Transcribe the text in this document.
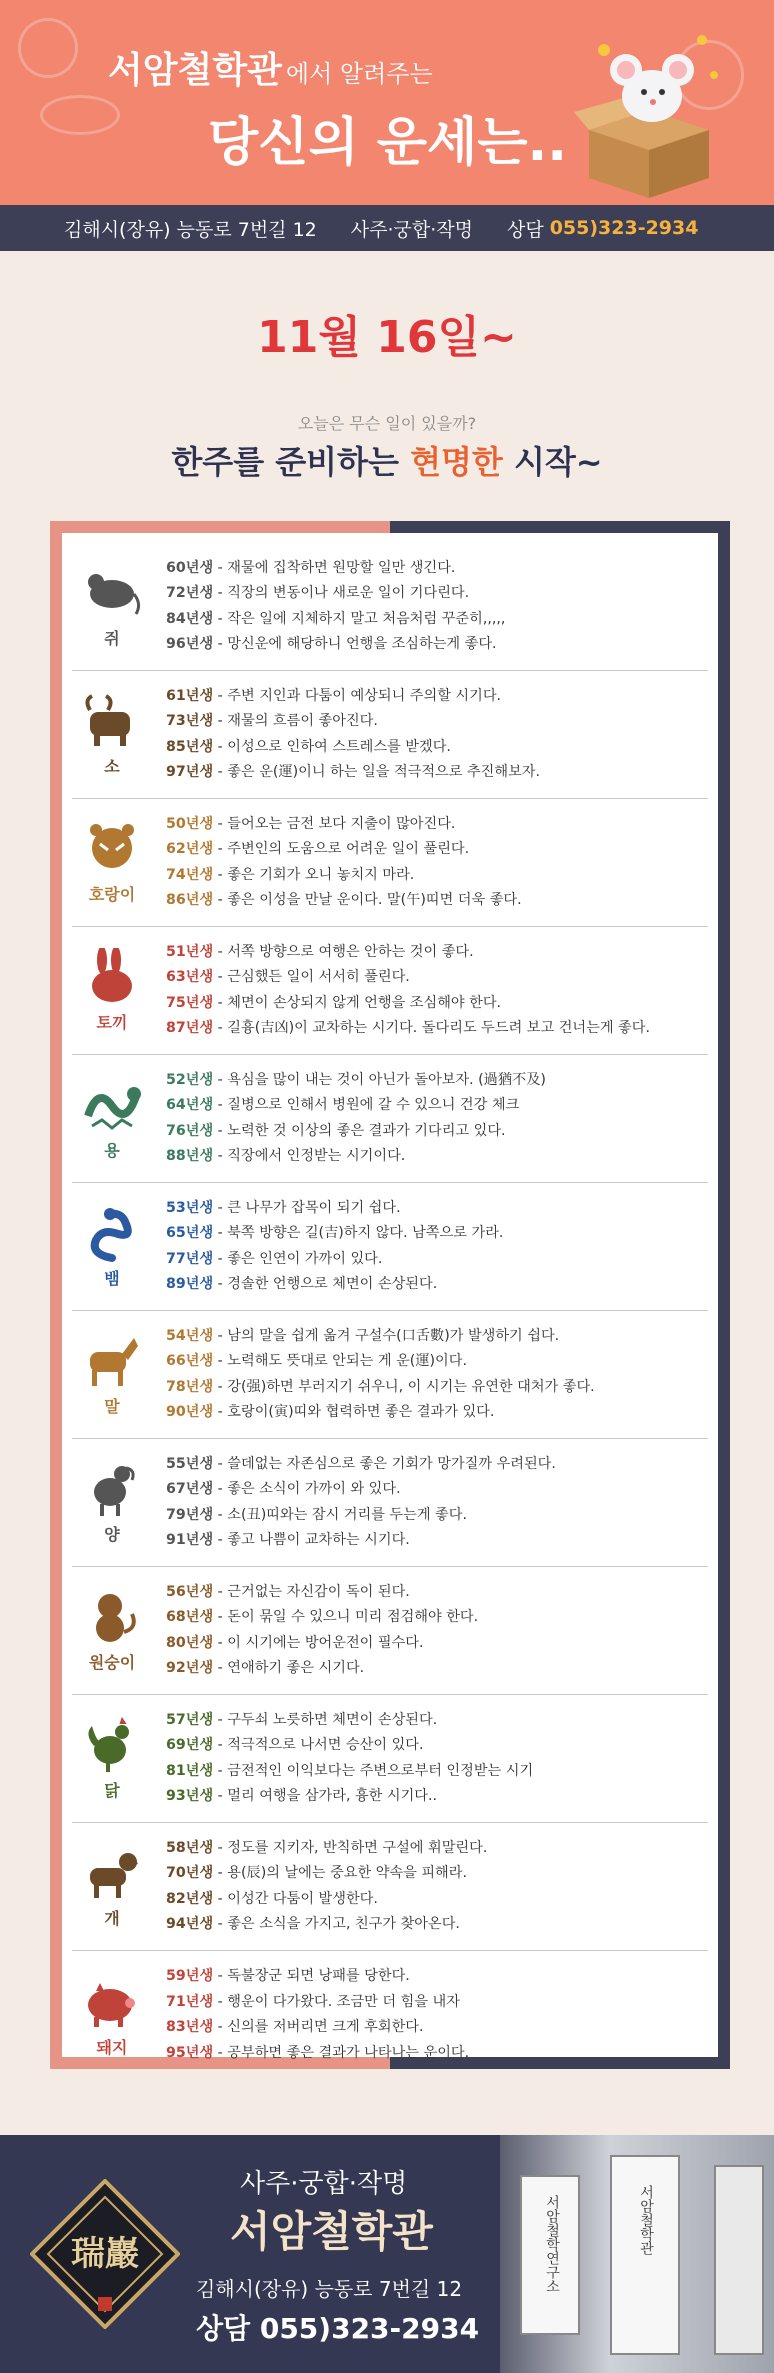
서암철학관 에서 알려주는
당신의 운세는..
김해시(장유) 능동로 7번길 12 사주·궁합·작명 상담 055)323-2934
11월 16일~
오늘은 무슨 일이 있을까?
한주를 준비하는 현명한 시작~
쥐
60년생 - 재물에 집착하면 원망할 일만 생긴다.
72년생 - 직장의 변동이나 새로운 일이 기다린다.
84년생 - 작은 일에 지체하지 말고 처음처럼 꾸준히,,,,,
96년생 - 망신운에 해당하니 언행을 조심하는게 좋다.
소
61년생 - 주변 지인과 다툼이 예상되니 주의할 시기다.
73년생 - 재물의 흐름이 좋아진다.
85년생 - 이성으로 인하여 스트레스를 받겠다.
97년생 - 좋은 운(運)이니 하는 일을 적극적으로 추진해보자.
호랑이
50년생 - 들어오는 금전 보다 지출이 많아진다.
62년생 - 주변인의 도움으로 어려운 일이 풀린다.
74년생 - 좋은 기회가 오니 놓치지 마라.
86년생 - 좋은 이성을 만날 운이다. 말(午)띠면 더욱 좋다.
토끼
51년생 - 서쪽 방향으로 여행은 안하는 것이 좋다.
63년생 - 근심했든 일이 서서히 풀린다.
75년생 - 체면이 손상되지 않게 언행을 조심해야 한다.
87년생 - 길흉(吉凶)이 교차하는 시기다. 돌다리도 두드려 보고 건너는게 좋다.
용
52년생 - 욕심을 많이 내는 것이 아닌가 돌아보자. (過猶不及)
64년생 - 질병으로 인해서 병원에 갈 수 있으니 건강 체크
76년생 - 노력한 것 이상의 좋은 결과가 기다리고 있다.
88년생 - 직장에서 인정받는 시기이다.
뱀
53년생 - 큰 나무가 잡목이 되기 쉽다.
65년생 - 북쪽 방향은 길(吉)하지 않다. 남쪽으로 가라.
77년생 - 좋은 인연이 가까이 있다.
89년생 - 경솔한 언행으로 체면이 손상된다.
말
54년생 - 남의 말을 쉽게 옮겨 구설수(口舌數)가 발생하기 쉽다.
66년생 - 노력해도 뜻대로 안되는 게 운(運)이다.
78년생 - 강(强)하면 부러지기 쉬우니, 이 시기는 유연한 대처가 좋다.
90년생 - 호랑이(寅)띠와 협력하면 좋은 결과가 있다.
양
55년생 - 쓸데없는 자존심으로 좋은 기회가 망가질까 우려된다.
67년생 - 좋은 소식이 가까이 와 있다.
79년생 - 소(丑)띠와는 잠시 거리를 두는게 좋다.
91년생 - 좋고 나쁨이 교차하는 시기다.
원숭이
56년생 - 근거없는 자신감이 독이 된다.
68년생 - 돈이 묶일 수 있으니 미리 점검해야 한다.
80년생 - 이 시기에는 방어운전이 필수다.
92년생 - 연애하기 좋은 시기다.
닭
57년생 - 구두쇠 노릇하면 체면이 손상된다.
69년생 - 적극적으로 나서면 승산이 있다.
81년생 - 금전적인 이익보다는 주변으로부터 인정받는 시기
93년생 - 멀리 여행을 삼가라, 흉한 시기다..
개
58년생 - 정도를 지키자, 반칙하면 구설에 휘말린다.
70년생 - 용(辰)의 날에는 중요한 약속을 피해라.
82년생 - 이성간 다툼이 발생한다.
94년생 - 좋은 소식을 가지고, 친구가 찾아온다.
돼지
59년생 - 독불장군 되면 낭패를 당한다.
71년생 - 행운이 다가왔다. 조금만 더 힘을 내자
83년생 - 신의를 저버리면 크게 후회한다.
95년생 - 공부하면 좋은 결과가 나타나는 운이다.
瑞巖
사주·궁합·작명
서암철학관
김해시(장유) 능동로 7번길 12
상담 055)323-2934
서암철학연구소	서암철학관
